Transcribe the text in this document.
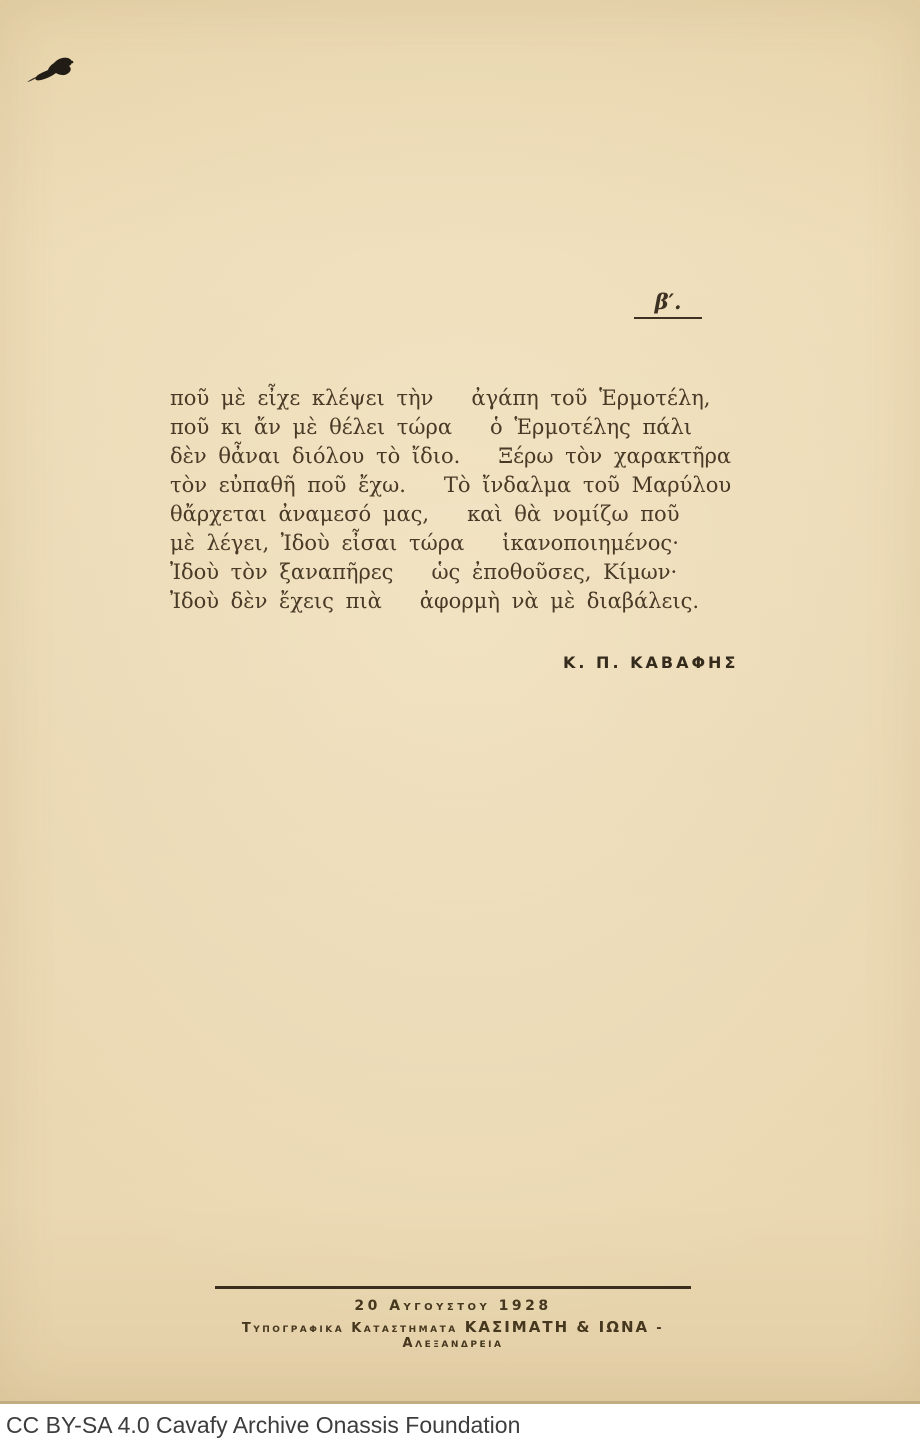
β′.
ποῦ μὲ εἶχε κλέψει τὴν ἀγάπη τοῦ Ἑρμοτέλη,
ποῦ κι ἄν μὲ θέλει τώρα ὁ Ἑρμοτέλης πάλι
δὲν θἆναι διόλου τὸ ἴδιο. Ξέρω τὸν χαρακτῆρα
τὸν εὐπαθῆ ποῦ ἔχω. Τὸ ἴνδαλμα τοῦ Μαρύλου
θἄρχεται ἀναμεσό μας, καὶ θὰ νομίζω ποῦ
μὲ λέγει, Ἰδοὺ εἶσαι τώρα ἱκανοποιημένος·
Ἰδοὺ τὸν ξαναπῆρες ὡς ἐποθοῦσες, Κίμων·
Ἰδοὺ δὲν ἔχεις πιὰ ἀφορμὴ νὰ μὲ διαβάλεις.
Κ. Π. ΚΑΒΑΦΗΣ
20 Αυγουστου 1928
Τυπογραφικα Καταστηματα ΚΑΣΙΜΑΤΗ & ΙΩΝΑ - Αλεξανδρεια
CC BY-SA 4.0 Cavafy Archive Onassis Foundation
